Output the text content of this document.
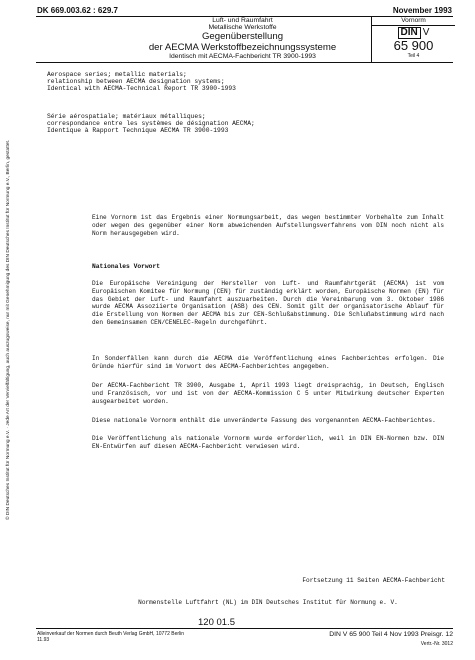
DK 669.003.62 : 629.7	November 1993
Luft- und Raumfahrt
Metallische Werkstoffe
Gegenüberstellung
der AECMA Werkstoffbezeichnungssysteme
Identisch mit AECMA-Fachbericht TR 3900-1993
Vornorm
DIN V
65 900
Teil 4
© DIN Deutsches Institut für Normung e.V. · Jede Art der Vervielfältigung, auch auszugsweise, nur mit Genehmigung des DIN Deutsches Institut für Normung e.V., Berlin, gestattet.
Aerospace series; metallic materials;
relationship between AECMA designation systems;
Identical with AECMA-Technical Report TR 3900-1993
Série aérospatiale; matériaux métalliques;
correspondance entre les systèmes de désignation AECMA;
Identique à Rapport Technique AECMA TR 3900-1993
Eine Vornorm ist das Ergebnis einer Normungsarbeit, das wegen bestimmter Vorbehalte zum Inhalt oder wegen des gegenüber einer Norm abweichenden Aufstellungsverfahrens vom DIN noch nicht als Norm herausgegeben wird.
Nationales Vorwort
Die Europäische Vereinigung der Hersteller von Luft- und Raumfahrtgerät (AECMA) ist vom Europäischen Komitee für Normung (CEN) für zuständig erklärt worden, Europäische Normen (EN) für das Gebiet der Luft- und Raumfahrt auszuarbeiten. Durch die Vereinbarung vom 3. Oktober 1986 wurde AECMA Assoziierte Organisation (ASB) des CEN. Somit gilt der organisatorische Ablauf für die Erstellung von Normen der AECMA bis zur CEN-Schlußabstimmung. Die Schlußabstimmung wird nach den Gemeinsamen CEN/CENELEC-Regeln durchgeführt.
In Sonderfällen kann durch die AECMA die Veröffentlichung eines Fachberichtes erfolgen. Die Gründe hierfür sind im Vorwort des AECMA-Fachberichtes angegeben.
Der AECMA-Fachbericht TR 3900, Ausgabe 1, April 1993 liegt dreisprachig, in Deutsch, Englisch und Französisch, vor und ist von der AECMA-Kommission C 5 unter Mitwirkung deutscher Experten ausgearbeitet worden.
Diese nationale Vornorm enthält die unveränderte Fassung des vorgenannten AECMA-Fachberichtes.
Die Veröffentlichung als nationale Vornorm wurde erforderlich, weil in DIN EN-Normen bzw. DIN EN-Entwürfen auf diesen AECMA-Fachbericht verwiesen wird.
Fortsetzung 11 Seiten AECMA-Fachbericht
Normenstelle Luftfahrt (NL) im DIN Deutsches Institut für Normung e. V.
120 01.5
Alleinverkauf der Normen durch Beuth Verlag GmbH, 10772 Berlin
11.93
DIN V 65 900 Teil 4 Nov 1993 Preisgr. 12
Vertr.-Nr. 3012
